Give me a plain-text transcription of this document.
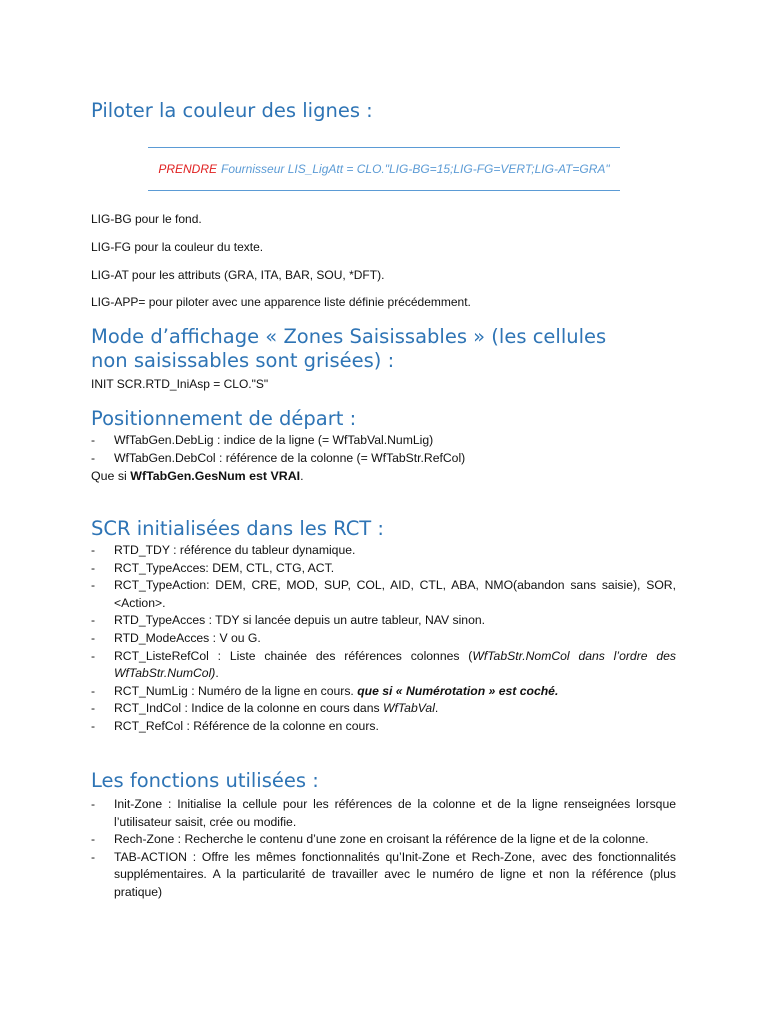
Piloter la couleur des lignes :
PRENDRE Fournisseur LIS_LigAtt = CLO."LIG-BG=15;LIG-FG=VERT;LIG-AT=GRA"

LIG-BG pour le fond.

LIG-FG pour la couleur du texte.

LIG-AT pour les attributs (GRA, ITA, BAR, SOU, *DFT).

LIG-APP= pour piloter avec une apparence liste définie précédemment.

Mode d’affichage « Zones Saisissables » (les cellules
non saisissables sont grisées) :

INIT SCR.RTD_IniAsp = CLO."S"

Positionnement de départ :
- WfTabGen.DebLig : indice de la ligne (= WfTabVal.NumLig)
- WfTabGen.DebCol : référence de la colonne (= WfTabStr.RefCol)

Que si WfTabGen.GesNum est VRAI.

SCR initialisées dans les RCT :
- RTD_TDY : référence du tableur dynamique.
- RCT_TypeAcces: DEM, CTL, CTG, ACT.
- RCT_TypeAction: DEM, CRE, MOD, SUP, COL, AID, CTL, ABA, NMO(abandon sans saisie), SOR, <Action>.
- RTD_TypeAcces : TDY si lancée depuis un autre tableur, NAV sinon.
- RTD_ModeAcces : V ou G.
- RCT_ListeRefCol : Liste chainée des références colonnes (WfTabStr.NomCol dans l’ordre des WfTabStr.NumCol).
- RCT_NumLig : Numéro de la ligne en cours. que si « Numérotation » est coché.
- RCT_IndCol : Indice de la colonne en cours dans WfTabVal.
- RCT_RefCol : Référence de la colonne en cours.
Les fonctions utilisées :
- Init-Zone : Initialise la cellule pour les références de la colonne et de la ligne renseignées lorsque l’utilisateur saisit, crée ou modifie.
- Rech-Zone : Recherche le contenu d’une zone en croisant la référence de la ligne et de la colonne.
- TAB-ACTION : Offre les mêmes fonctionnalités qu’Init-Zone et Rech-Zone, avec des fonctionnalités supplémentaires. A la particularité de travailler avec le numéro de ligne et non la référence (plus pratique)
